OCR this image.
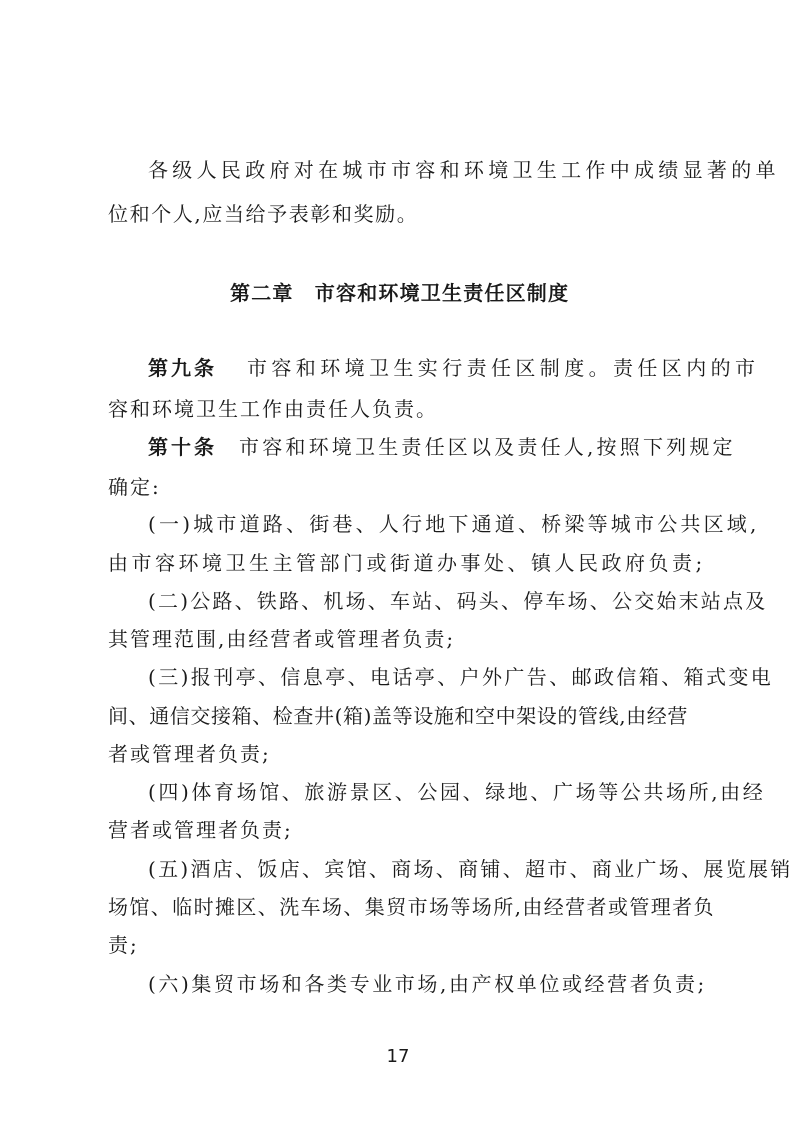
各级人民政府对在城市市容和环境卫生工作中成绩显著的单
位和个人,应当给予表彰和奖励。
第二章　市容和环境卫生责任区制度
第九条 市容和环境卫生实行责任区制度。责任区内的市
容和环境卫生工作由责任人负责。
第十条 市容和环境卫生责任区以及责任人,按照下列规定
确定:
(一)城市道路、街巷、人行地下通道、桥梁等城市公共区域,
由市容环境卫生主管部门或街道办事处、镇人民政府负责;
(二)公路、铁路、机场、车站、码头、停车场、公交始末站点及
其管理范围,由经营者或管理者负责;
(三)报刊亭、信息亭、电话亭、户外广告、邮政信箱、箱式变电
间、通信交接箱、检查井(箱)盖等设施和空中架设的管线,由经营
者或管理者负责;
(四)体育场馆、旅游景区、公园、绿地、广场等公共场所,由经
营者或管理者负责;
(五)酒店、饭店、宾馆、商场、商铺、超市、商业广场、展览展销
场馆、临时摊区、洗车场、集贸市场等场所,由经营者或管理者负
责;
(六)集贸市场和各类专业市场,由产权单位或经营者负责;
17
